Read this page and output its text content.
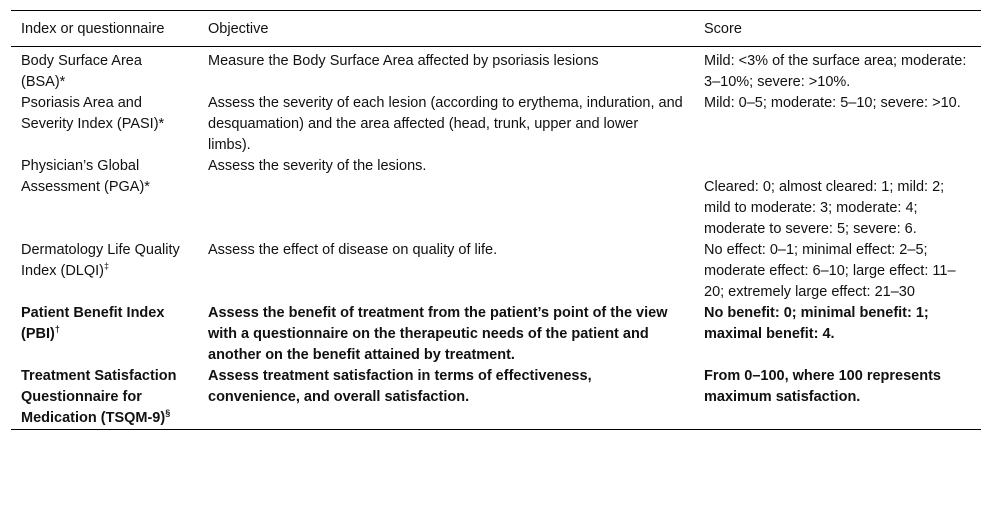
Index or questionnaire	Objective	Score
Body Surface Area (BSA)*	Measure the Body Surface Area affected by psoriasis lesions	Mild: <3% of the surface area; moderate: 3–10%; severe: >10%.
Psoriasis Area and Severity Index (PASI)*	Assess the severity of each lesion (according to erythema, induration, and desquamation) and the area affected (head, trunk, upper and lower limbs).	Mild: 0–5; moderate: 5–10; severe: >10.
Physician’s Global Assessment (PGA)*	Assess the severity of the lesions.	Cleared: 0; almost cleared: 1; mild: 2; mild to moderate: 3; moderate: 4; moderate to severe: 5; severe: 6.
Dermatology Life Quality Index (DLQI)‡	Assess the effect of disease on quality of life.	No effect: 0–1; minimal effect: 2–5; moderate effect: 6–10; large effect: 11–20; extremely large effect: 21–30
Patient Benefit Index (PBI)†	Assess the benefit of treatment from the patient’s point of the view with a questionnaire on the therapeutic needs of the patient and another on the benefit attained by treatment.	No benefit: 0; minimal benefit: 1; maximal benefit: 4.
Treatment Satisfaction Questionnaire for Medication (TSQM-9)§	Assess treatment satisfaction in terms of effectiveness, convenience, and overall satisfaction.	From 0–100, where 100 represents maximum satisfaction.
